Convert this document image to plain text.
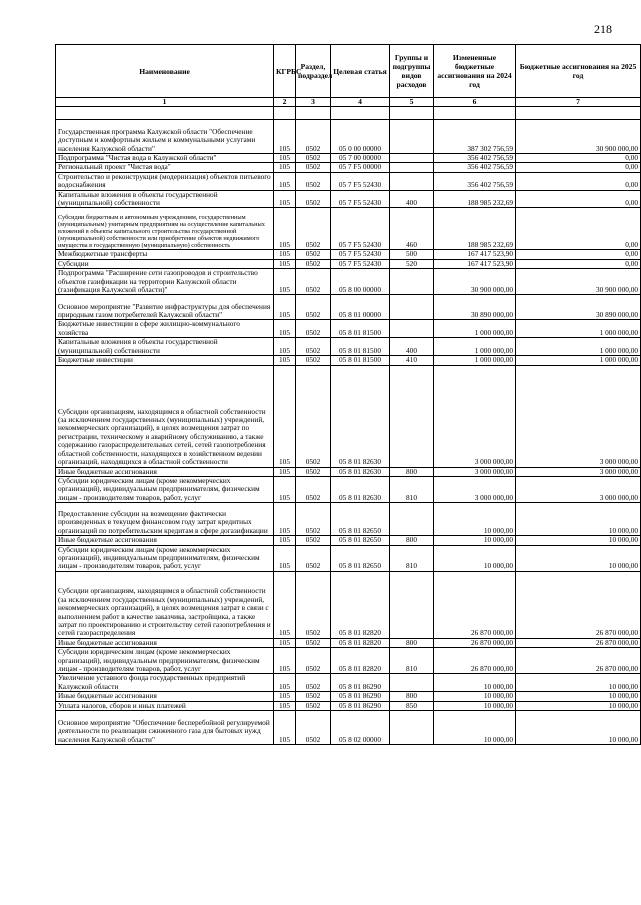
218
Наименование	КГРБС	Раздел, подраздел	Целевая статья	Группы и подгруппы видов расходов	Измененные бюджетные ассигнования на 2024 год	Бюджетные ассигнования на 2025 год
1	2	3	4	5	6	7

Государственная программа Калужской области "Обеспечение доступным и комфортным жильем и коммунальными услугами населения Калужской области"	105	0502	05 0 00 00000		387 302 756,59	30 900 000,00
Подпрограмма "Чистая вода в Калужской области"	105	0502	05 7 00 00000		356 402 756,59	0,00
Региональный проект "Чистая вода"	105	0502	05 7 F5 00000		356 402 756,59	0,00
Строительство и реконструкция (модернизация) объектов питьевого водоснабжения	105	0502	05 7 F5 52430		356 402 756,59	0,00
Капитальные вложения в объекты государственной (муниципальной) собственности	105	0502	05 7 F5 52430	400	188 985 232,69	0,00
Субсидии бюджетным и автономным учреждениям, государственным (муниципальным) унитарным предприятиям на осуществление капитальных вложений в объекты капитального строительства государственной (муниципальной) собственности или приобретение объектов недвижимого имущества в государственную (муниципальную) собственность	105	0502	05 7 F5 52430	460	188 985 232,69	0,00
Межбюджетные трансферты	105	0502	05 7 F5 52430	500	167 417 523,90	0,00
Субсидии	105	0502	05 7 F5 52430	520	167 417 523,90	0,00
Подпрограмма "Расширение сети газопроводов и строительство объектов газификации на территории Калужской области (газификация Калужской области)"	105	0502	05 8 00 00000		30 900 000,00	30 900 000,00
Основное мероприятие "Развитие инфраструктуры для обеспечения природным газом потребителей Калужской области"	105	0502	05 8 01 00000		30 890 000,00	30 890 000,00
Бюджетные инвестиции в сфере жилищно-коммунального хозяйства	105	0502	05 8 01 81500		1 000 000,00	1 000 000,00
Капитальные вложения в объекты государственной (муниципальной) собственности	105	0502	05 8 01 81500	400	1 000 000,00	1 000 000,00
Бюджетные инвестиции	105	0502	05 8 01 81500	410	1 000 000,00	1 000 000,00
Субсидии организациям, находящимся в областной собственности (за исключением государственных (муниципальных) учреждений, некоммерческих организаций), в целях возмещения затрат по регистрации, техническому и аварийному обслуживанию, а также содержанию газораспределительных сетей, сетей газопотребления областной собственности, находящихся в хозяйственном ведении организаций, находящихся в областной собственности	105	0502	05 8 01 82630		3 000 000,00	3 000 000,00
Иные бюджетные ассигнования	105	0502	05 8 01 82630	800	3 000 000,00	3 000 000,00
Субсидии юридическим лицам (кроме некоммерческих организаций), индивидуальным предпринимателям, физическим лицам - производителям товаров, работ, услуг	105	0502	05 8 01 82630	810	3 000 000,00	3 000 000,00
Предоставление субсидии на возмещение фактически произведенных в текущем финансовом году затрат кредитных организаций по потребительским кредитам в сфере догазификации	105	0502	05 8 01 82650		10 000,00	10 000,00
Иные бюджетные ассигнования	105	0502	05 8 01 82650	800	10 000,00	10 000,00
Субсидии юридическим лицам (кроме некоммерческих организаций), индивидуальным предпринимателям, физическим лицам - производителям товаров, работ, услуг	105	0502	05 8 01 82650	810	10 000,00	10 000,00
Субсидии организациям, находящимся в областной собственности (за исключением государственных (муниципальных) учреждений, некоммерческих организаций), в целях возмещения затрат в связи с выполнением работ в качестве заказчика, застройщика, а также затрат по проектированию и строительству сетей газопотребления и сетей газораспределения	105	0502	05 8 01 82820		26 870 000,00	26 870 000,00
Иные бюджетные ассигнования	105	0502	05 8 01 82820	800	26 870 000,00	26 870 000,00
Субсидии юридическим лицам (кроме некоммерческих организаций), индивидуальным предпринимателям, физическим лицам - производителям товаров, работ, услуг	105	0502	05 8 01 82820	810	26 870 000,00	26 870 000,00
Увеличение уставного фонда государственных предприятий Калужской области	105	0502	05 8 01 86290		10 000,00	10 000,00
Иные бюджетные ассигнования	105	0502	05 8 01 86290	800	10 000,00	10 000,00
Уплата налогов, сборов и иных платежей	105	0502	05 8 01 86290	850	10 000,00	10 000,00
Основное мероприятие "Обеспечение бесперебойной регулируемой деятельности по реализации сжиженного газа для бытовых нужд населения Калужской области"	105	0502	05 8 02 00000		10 000,00	10 000,00
